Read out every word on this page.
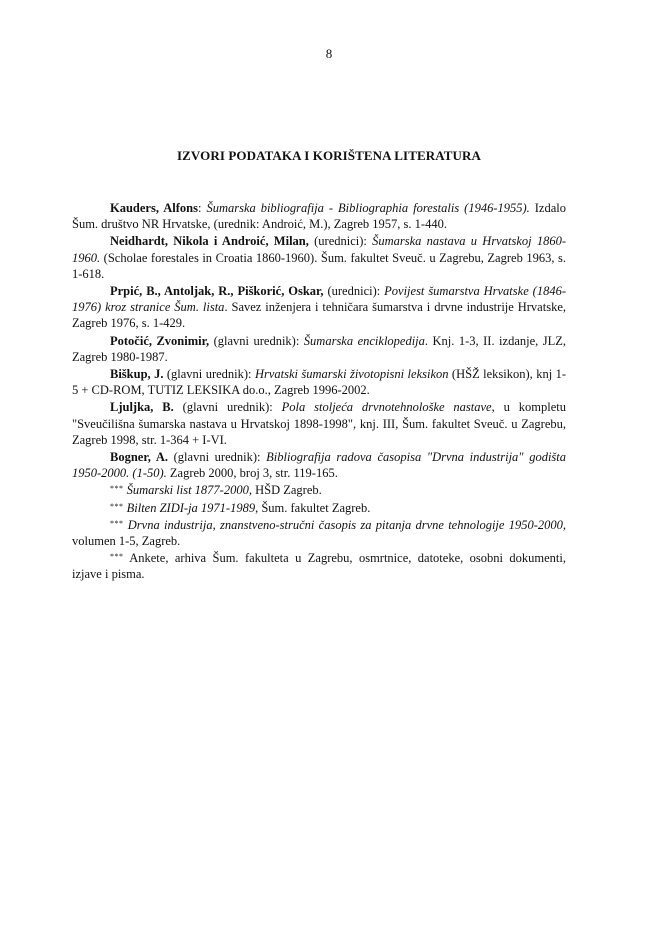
8
IZVORI PODATAKA I KORIŠTENA LITERATURA

Kauders, Alfons: Šumarska bibliografija - Bibliographia forestalis (1946-1955). Izdalo Šum. društvo NR Hrvatske, (urednik: Androić, M.), Zagreb 1957, s. 1-440.

Neidhardt, Nikola i Androić, Milan, (urednici): Šumarska nastava u Hrvatskoj 1860-1960. (Scholae forestales in Croatia 1860-1960). Šum. fakultet Sveuč. u Zagrebu, Zagreb 1963, s. 1-618.

Prpić, B., Antoljak, R., Piškorić, Oskar, (urednici): Povijest šumarstva Hrvatske (1846-1976) kroz stranice Šum. lista. Savez inženjera i tehničara šumarstva i drvne industrije Hrvatske, Zagreb 1976, s. 1-429.

Potočić, Zvonimir, (glavni urednik): Šumarska enciklopedija. Knj. 1-3, II. izdanje, JLZ, Zagreb 1980-1987.

Biškup, J. (glavni urednik): Hrvatski šumarski životopisni leksikon (HŠŽ leksikon), knj 1-5 + CD-ROM, TUTIZ LEKSIKA do.o., Zagreb 1996-2002.

Ljuljka, B. (glavni urednik): Pola stoljeća drvnotehnološke nastave, u kompletu "Sveučilišna šumarska nastava u Hrvatskoj 1898-1998", knj. III, Šum. fakultet Sveuč. u Zagrebu, Zagreb 1998, str. 1-364 + I-VI.

Bogner, A. (glavni urednik): Bibliografija radova časopisa "Drvna industrija" godišta 1950-2000. (1-50). Zagreb 2000, broj 3, str. 119-165.

*** Šumarski list 1877-2000, HŠD Zagreb.

*** Bilten ZIDI-ja 1971-1989, Šum. fakultet Zagreb.

*** Drvna industrija, znanstveno-stručni časopis za pitanja drvne tehnologije 1950-2000, volumen 1-5, Zagreb.

*** Ankete, arhiva Šum. fakulteta u Zagrebu, osmrtnice, datoteke, osobni dokumenti, izjave i pisma.
